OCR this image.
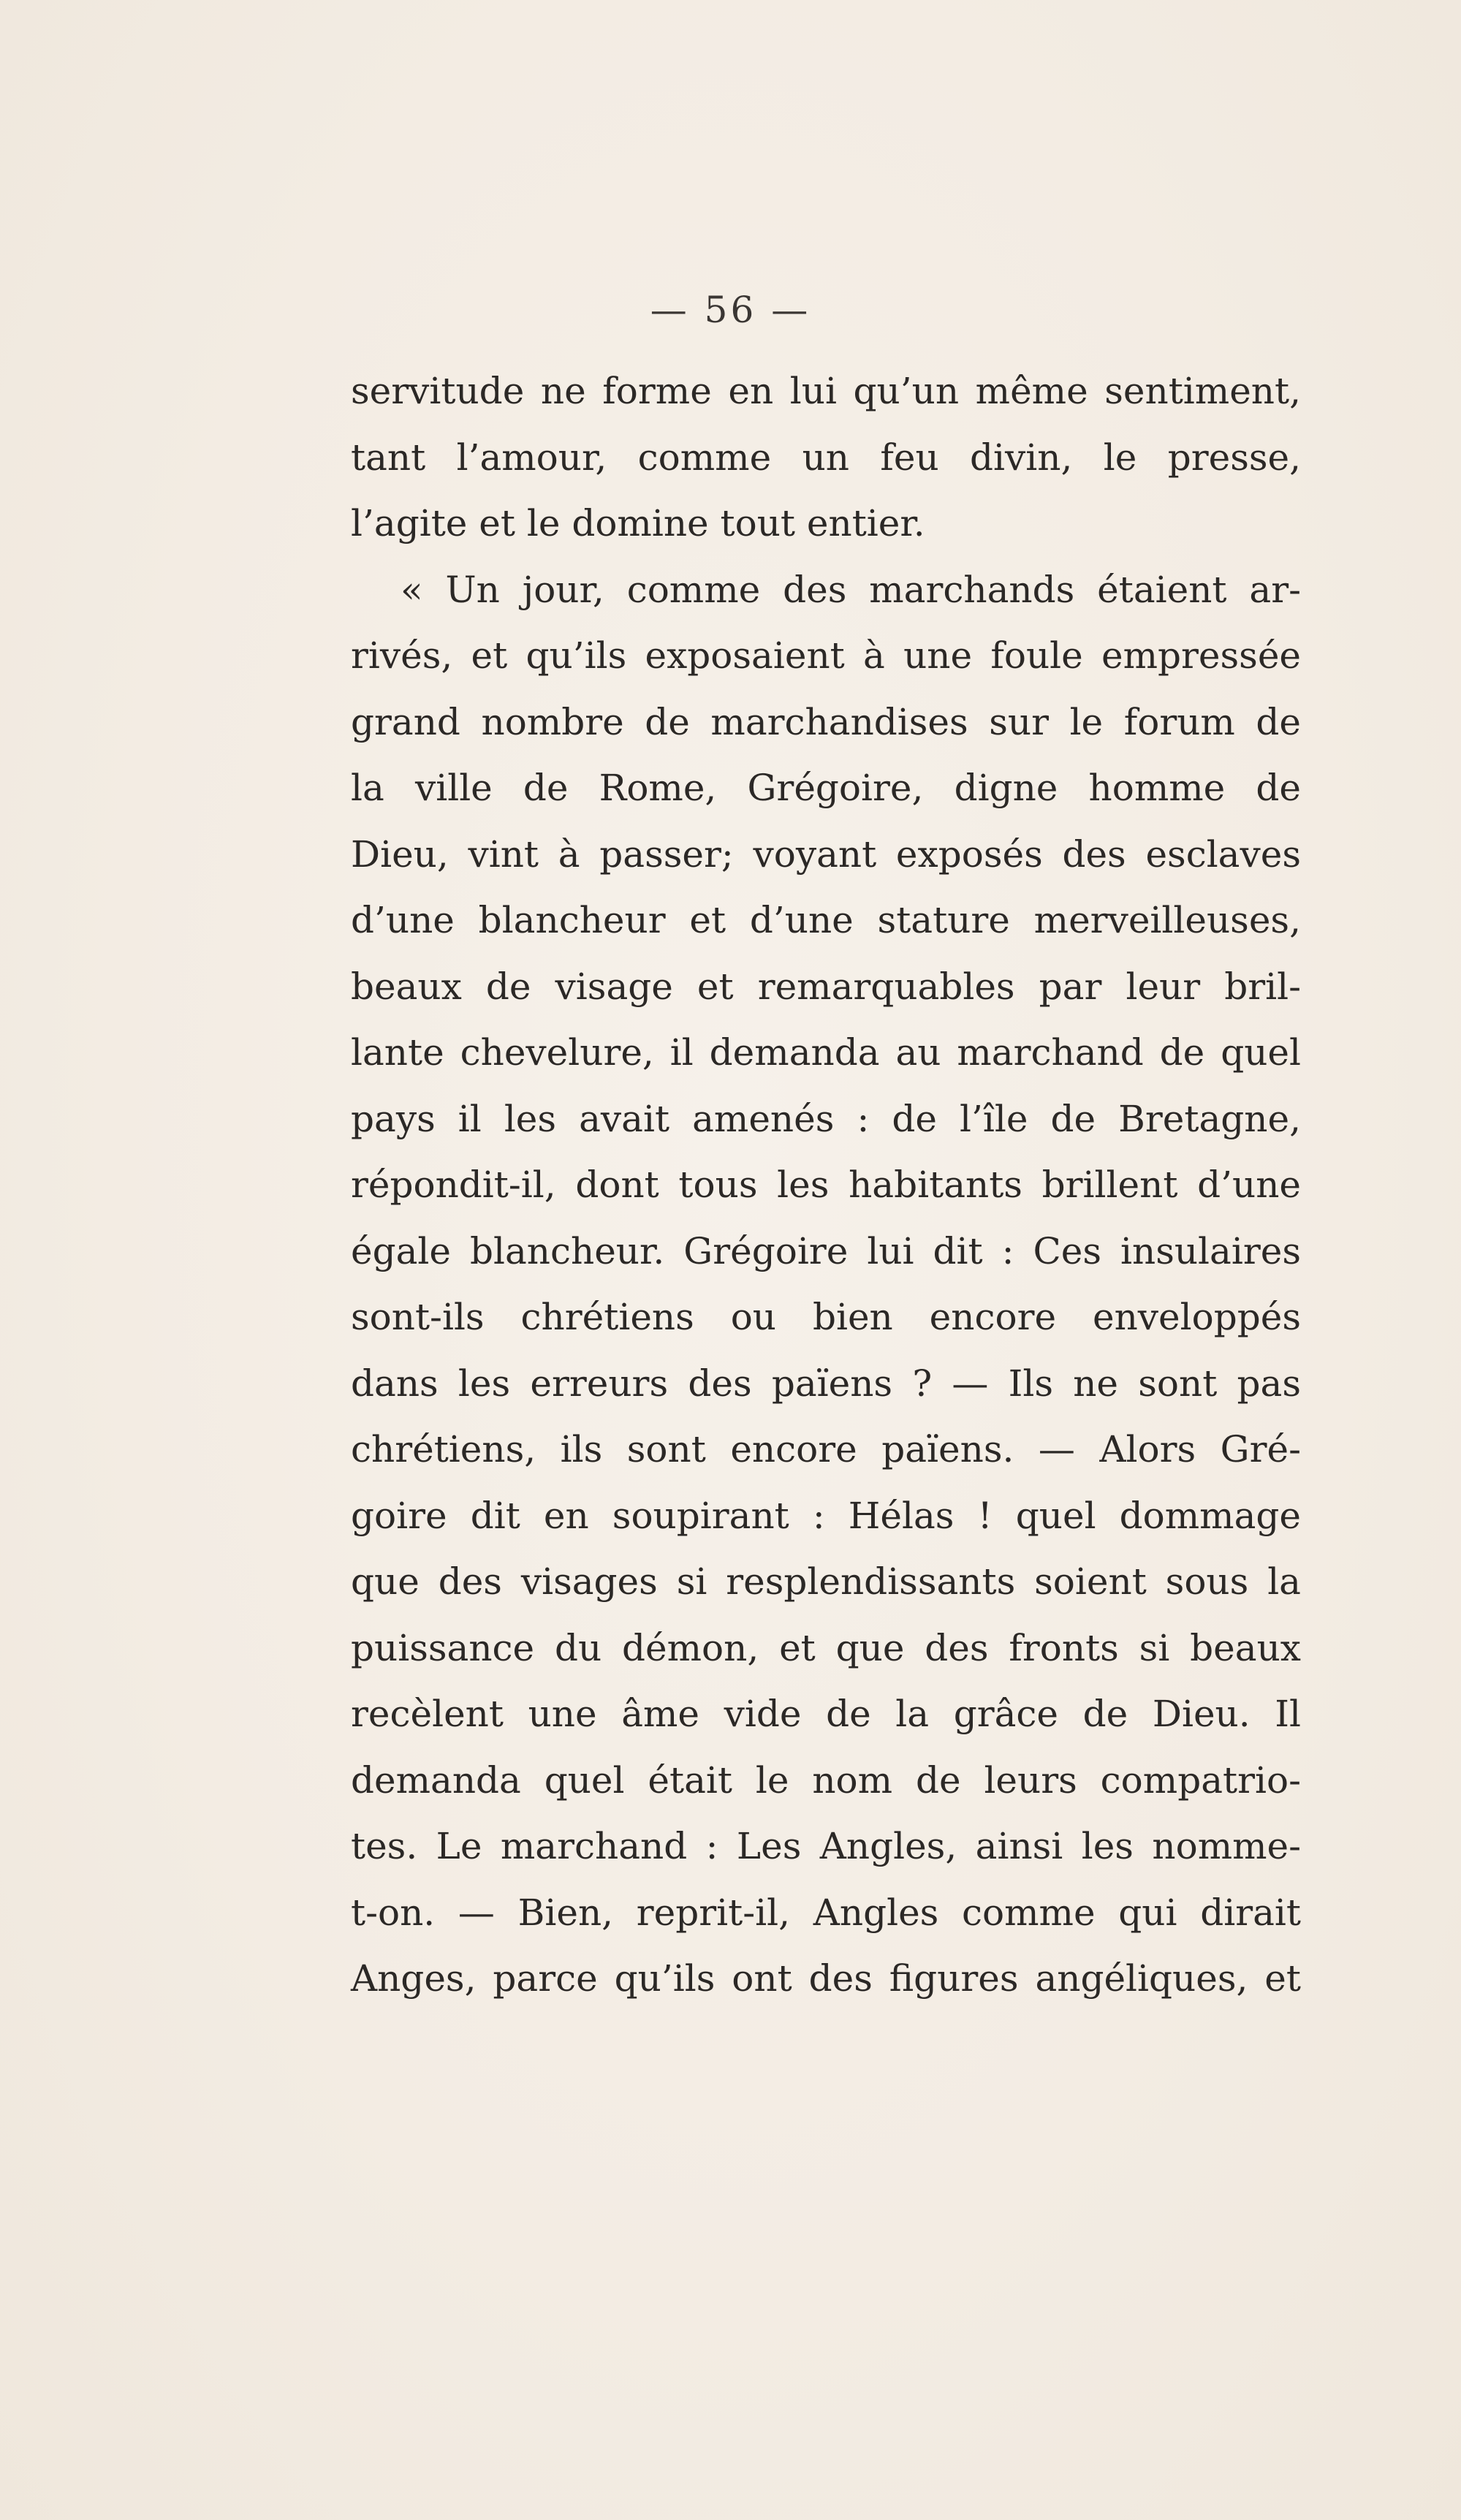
— 56 —
servitude ne forme en lui qu’un même sentiment,
tant l’amour, comme un feu divin, le presse,
l’agite et le domine tout entier.
« Un jour, comme des marchands étaient ar-
rivés, et qu’ils exposaient à une foule empressée
grand nombre de marchandises sur le forum de
la ville de Rome, Grégoire, digne homme de
Dieu, vint à passer; voyant exposés des esclaves
d’une blancheur et d’une stature merveilleuses,
beaux de visage et remarquables par leur bril-
lante chevelure, il demanda au marchand de quel
pays il les avait amenés : de l’île de Bretagne,
répondit-il, dont tous les habitants brillent d’une
égale blancheur. Grégoire lui dit : Ces insulaires
sont-ils chrétiens ou bien encore enveloppés
dans les erreurs des païens ? — Ils ne sont pas
chrétiens, ils sont encore païens. — Alors Gré-
goire dit en soupirant : Hélas ! quel dommage
que des visages si resplendissants soient sous la
puissance du démon, et que des fronts si beaux
recèlent une âme vide de la grâce de Dieu. Il
demanda quel était le nom de leurs compatrio-
tes. Le marchand : Les Angles, ainsi les nomme-
t-on. — Bien, reprit-il, Angles comme qui dirait
Anges, parce qu’ils ont des figures angéliques, et
